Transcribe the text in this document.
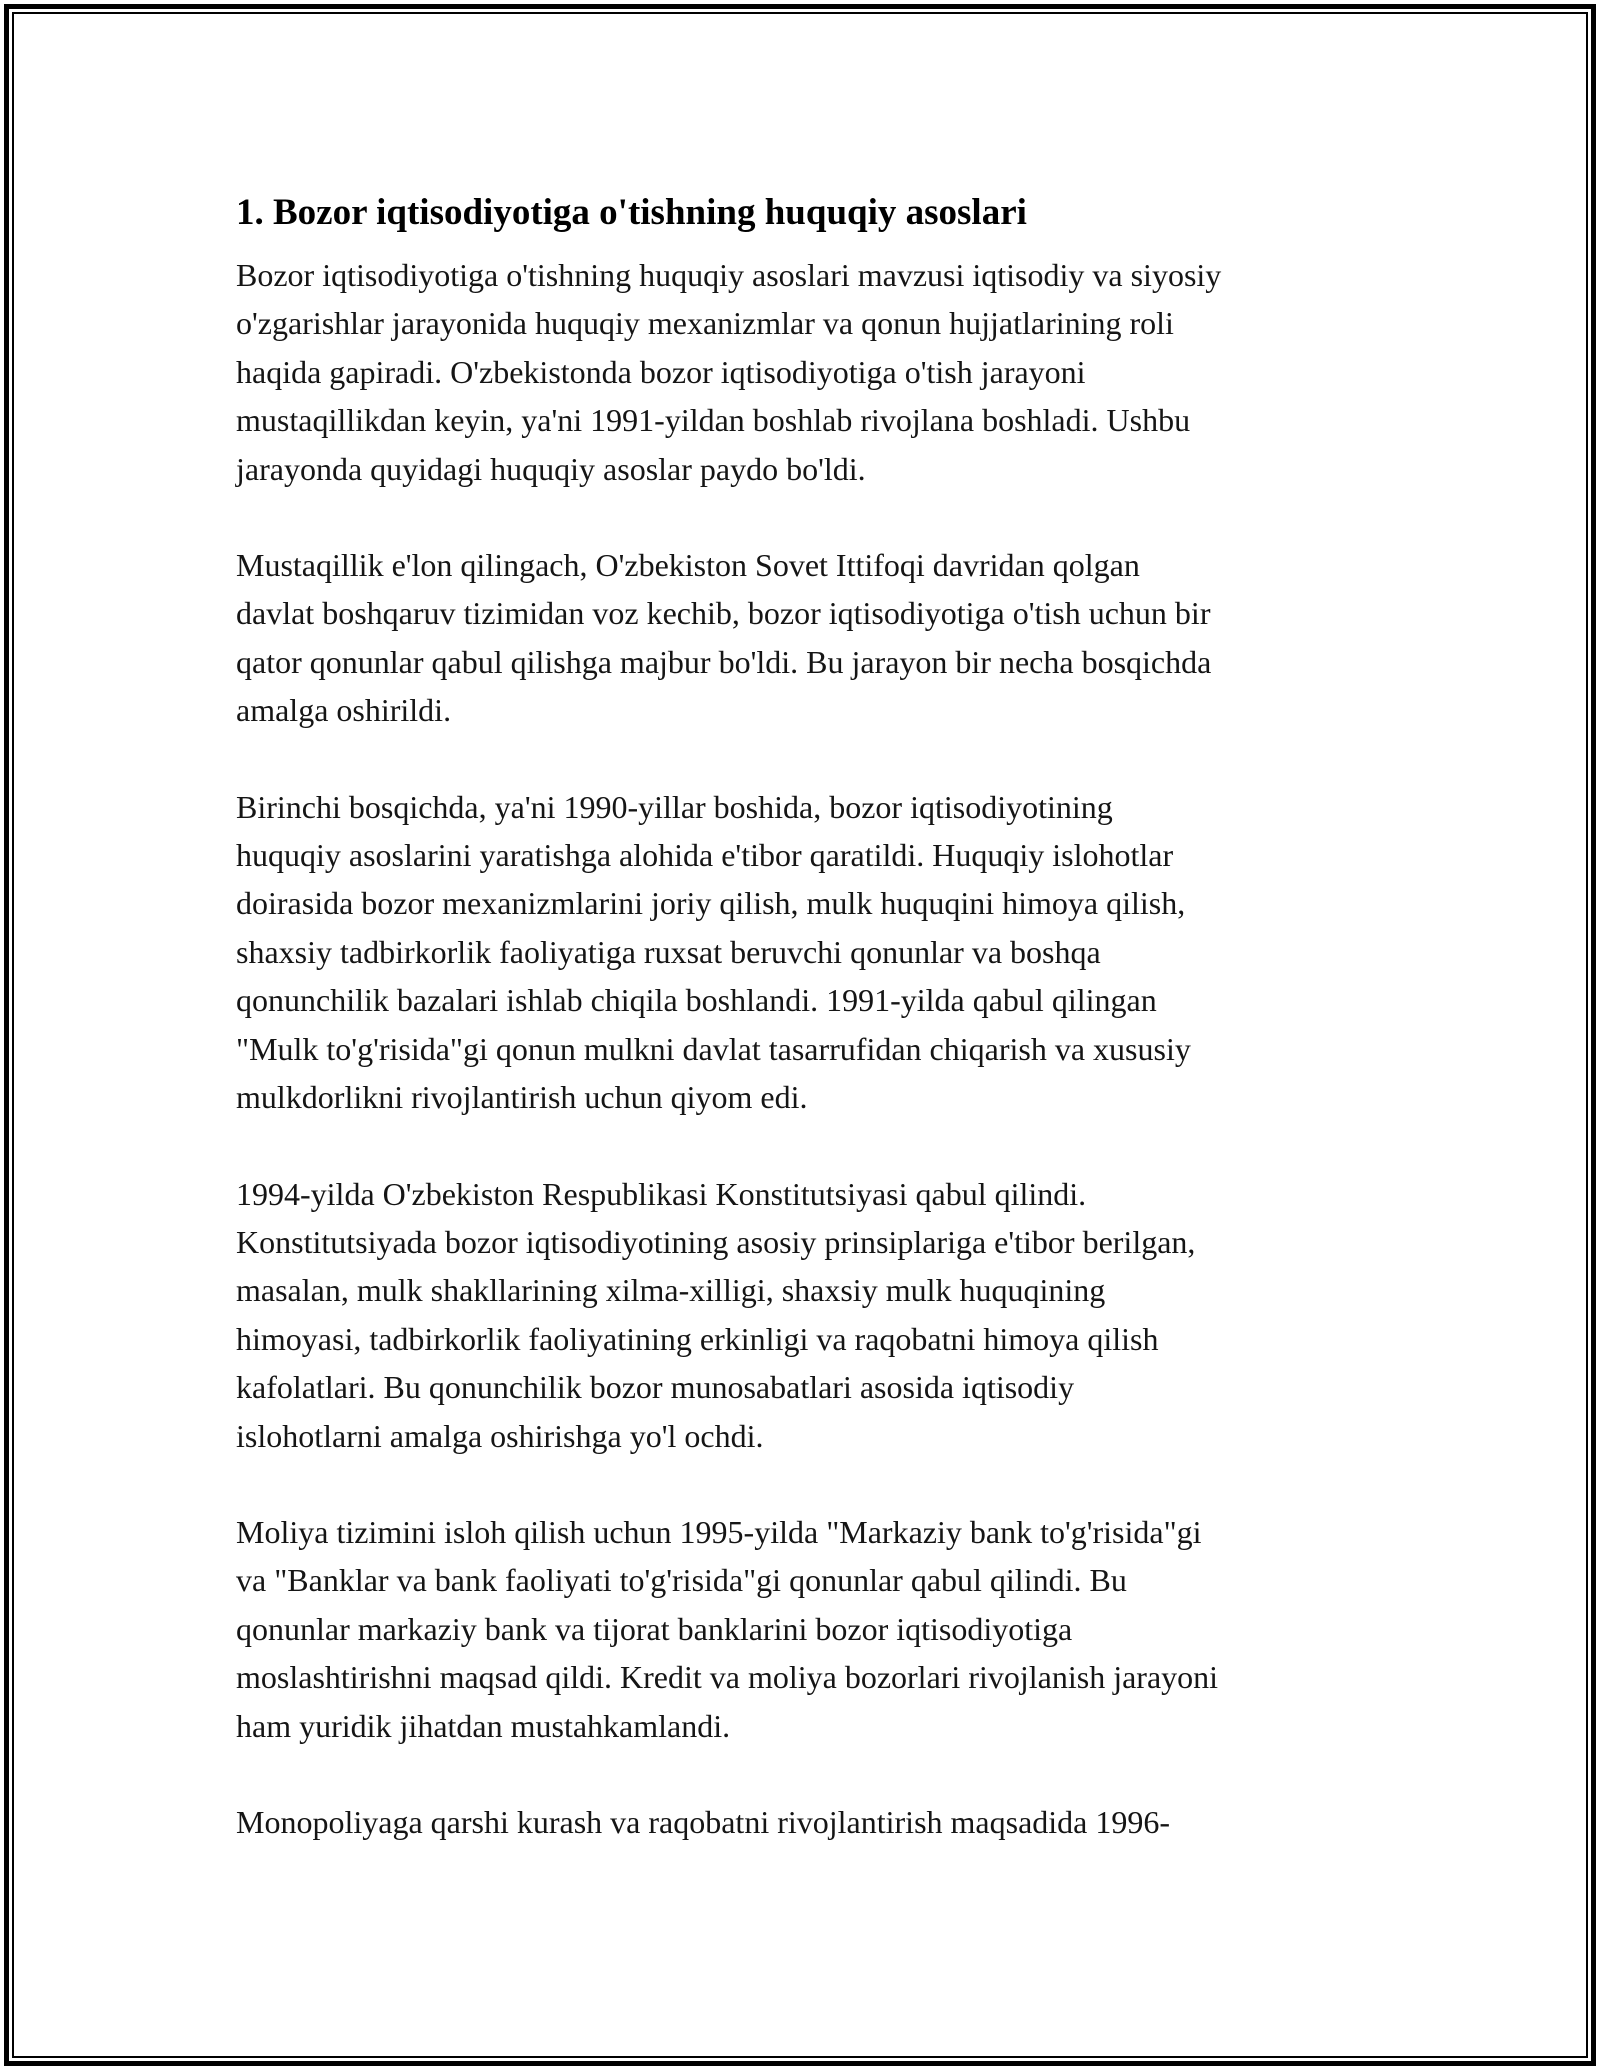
1. Bozor iqtisodiyotiga o'tishning huquqiy asoslari

Bozor iqtisodiyotiga o'tishning huquqiy asoslari mavzusi iqtisodiy va siyosiy
o'zgarishlar jarayonida huquqiy mexanizmlar va qonun hujjatlarining roli
haqida gapiradi. O'zbekistonda bozor iqtisodiyotiga o'tish jarayoni
mustaqillikdan keyin, ya'ni 1991-yildan boshlab rivojlana boshladi. Ushbu
jarayonda quyidagi huquqiy asoslar paydo bo'ldi.

Mustaqillik e'lon qilingach, O'zbekiston Sovet Ittifoqi davridan qolgan
davlat boshqaruv tizimidan voz kechib, bozor iqtisodiyotiga o'tish uchun bir
qator qonunlar qabul qilishga majbur bo'ldi. Bu jarayon bir necha bosqichda
amalga oshirildi.

Birinchi bosqichda, ya'ni 1990-yillar boshida, bozor iqtisodiyotining
huquqiy asoslarini yaratishga alohida e'tibor qaratildi. Huquqiy islohotlar
doirasida bozor mexanizmlarini joriy qilish, mulk huquqini himoya qilish,
shaxsiy tadbirkorlik faoliyatiga ruxsat beruvchi qonunlar va boshqa
qonunchilik bazalari ishlab chiqila boshlandi. 1991-yilda qabul qilingan
"Mulk to'g'risida"gi qonun mulkni davlat tasarrufidan chiqarish va xususiy
mulkdorlikni rivojlantirish uchun qiyom edi.

1994-yilda O'zbekiston Respublikasi Konstitutsiyasi qabul qilindi.
Konstitutsiyada bozor iqtisodiyotining asosiy prinsiplariga e'tibor berilgan,
masalan, mulk shakllarining xilma-xilligi, shaxsiy mulk huquqining
himoyasi, tadbirkorlik faoliyatining erkinligi va raqobatni himoya qilish
kafolatlari. Bu qonunchilik bozor munosabatlari asosida iqtisodiy
islohotlarni amalga oshirishga yo'l ochdi.

Moliya tizimini isloh qilish uchun 1995-yilda "Markaziy bank to'g'risida"gi
va "Banklar va bank faoliyati to'g'risida"gi qonunlar qabul qilindi. Bu
qonunlar markaziy bank va tijorat banklarini bozor iqtisodiyotiga
moslashtirishni maqsad qildi. Kredit va moliya bozorlari rivojlanish jarayoni
ham yuridik jihatdan mustahkamlandi.

Monopoliyaga qarshi kurash va raqobatni rivojlantirish maqsadida 1996-
